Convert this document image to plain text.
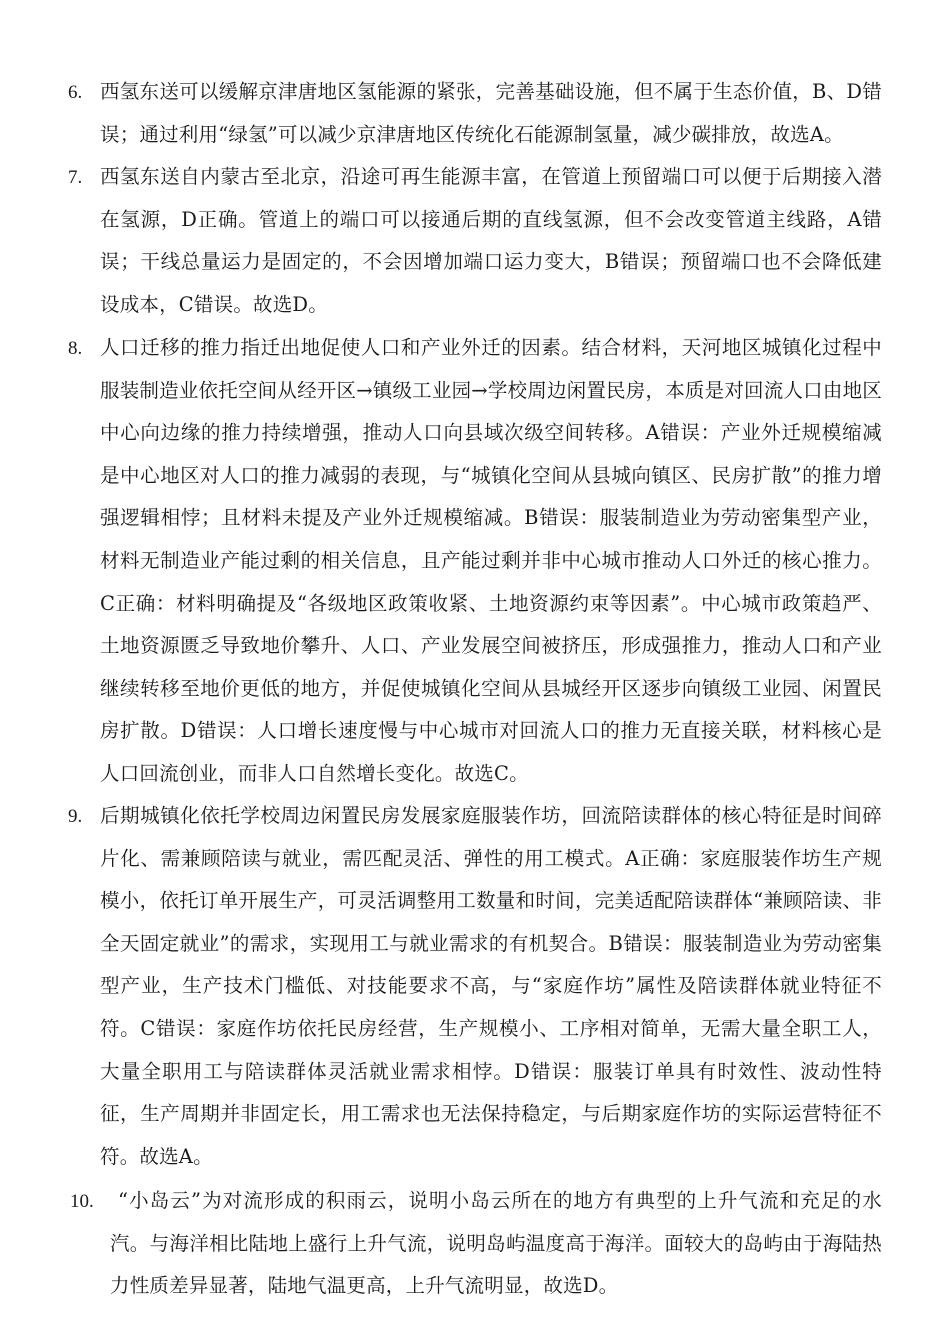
6. 西氢东送可以缓解京津唐地区氢能源的紧张，完善基础设施，但不属于生态价值，B、D错误；通过利用“绿氢”可以减少京津唐地区传统化石能源制氢量，减少碳排放，故选A。
7. 西氢东送自内蒙古至北京，沿途可再生能源丰富，在管道上预留端口可以便于后期接入潜在氢源，D正确。管道上的端口可以接通后期的直线氢源，但不会改变管道主线路，A错误；干线总量运力是固定的，不会因增加端口运力变大，B错误；预留端口也不会降低建设成本，C错误。故选D。
8. 人口迁移的推力指迁出地促使人口和产业外迁的因素。结合材料，天河地区城镇化过程中服装制造业依托空间从经开区→镇级工业园→学校周边闲置民房，本质是对回流人口由地区中心向边缘的推力持续增强，推动人口向县域次级空间转移。A错误：产业外迁规模缩减是中心地区对人口的推力减弱的表现，与“城镇化空间从县城向镇区、民房扩散”的推力增强逻辑相悖；且材料未提及产业外迁规模缩减。B错误：服装制造业为劳动密集型产业，材料无制造业产能过剩的相关信息，且产能过剩并非中心城市推动人口外迁的核心推力。C正确：材料明确提及“各级地区政策收紧、土地资源约束等因素”。中心城市政策趋严、土地资源匮乏导致地价攀升、人口、产业发展空间被挤压，形成强推力，推动人口和产业继续转移至地价更低的地方，并促使城镇化空间从县城经开区逐步向镇级工业园、闲置民房扩散。D错误：人口增长速度慢与中心城市对回流人口的推力无直接关联，材料核心是人口回流创业，而非人口自然增长变化。故选C。
9. 后期城镇化依托学校周边闲置民房发展家庭服装作坊，回流陪读群体的核心特征是时间碎片化、需兼顾陪读与就业，需匹配灵活、弹性的用工模式。A正确：家庭服装作坊生产规模小，依托订单开展生产，可灵活调整用工数量和时间，完美适配陪读群体“兼顾陪读、非全天固定就业”的需求，实现用工与就业需求的有机契合。B错误：服装制造业为劳动密集型产业，生产技术门槛低、对技能要求不高，与“家庭作坊”属性及陪读群体就业特征不符。C错误：家庭作坊依托民房经营，生产规模小、工序相对简单，无需大量全职工人，大量全职用工与陪读群体灵活就业需求相悖。D错误：服装订单具有时效性、波动性特征，生产周期并非固定长，用工需求也无法保持稳定，与后期家庭作坊的实际运营特征不符。故选A。
10.	“小岛云”为对流形成的积雨云，说明小岛云所在的地方有典型的上升气流和充足的水汽。与海洋相比陆地上盛行上升气流，说明岛屿温度高于海洋。面较大的岛屿由于海陆热力性质差异显著，陆地气温更高，上升气流明显，故选D。
